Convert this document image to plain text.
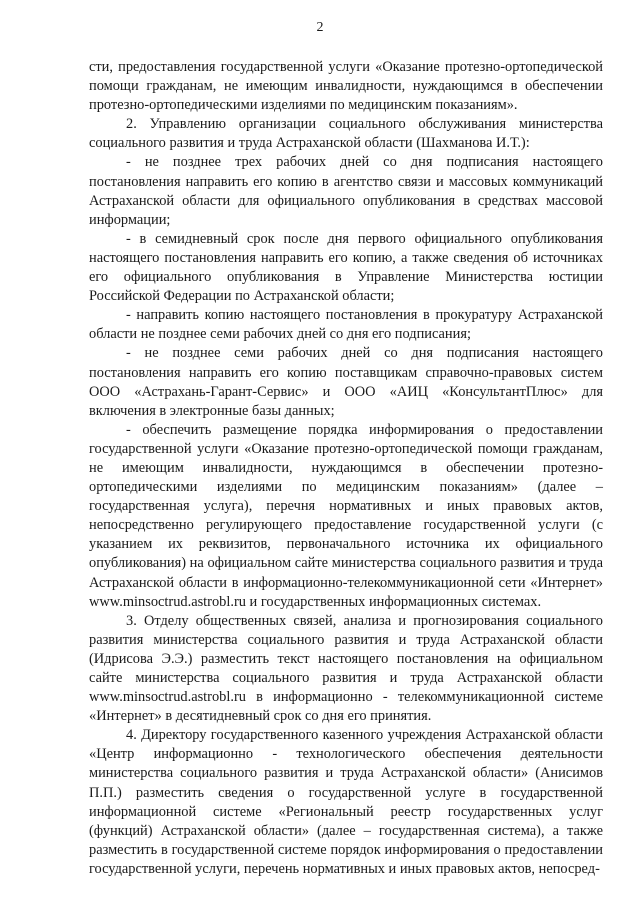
2

сти, предоставления государственной услуги «Оказание протезно-ортопедической помощи гражданам, не имеющим инвалидности, нуждающимся в обеспечении протезно-ортопедическими изделиями по медицинским показаниям».

2. Управлению организации социального обслуживания министерства социального развития и труда Астраханской области (Шахманова И.Т.):

- не позднее трех рабочих дней со дня подписания настоящего постановления направить его копию в агентство связи и массовых коммуникаций Астраханской области для официального опубликования в средствах массовой информации;

- в семидневный срок после дня первого официального опубликования настоящего постановления направить его копию, а также сведения об источниках его официального опубликования в Управление Министерства юстиции Российской Федерации по Астраханской области;

- направить копию настоящего постановления в прокуратуру Астраханской области не позднее семи рабочих дней со дня его подписания;

- не позднее семи рабочих дней со дня подписания настоящего постановления направить его копию поставщикам справочно-правовых систем ООО «Астрахань-Гарант-Сервис» и ООО «АИЦ «КонсультантПлюс» для включения в электронные базы данных;

- обеспечить размещение порядка информирования о предоставлении государственной услуги «Оказание протезно-ортопедической помощи гражданам, не имеющим инвалидности, нуждающимся в обеспечении протезно-ортопедическими изделиями по медицинским показаниям» (далее – государственная услуга), перечня нормативных и иных правовых актов, непосредственно регулирующего предоставление государственной услуги (с указанием их реквизитов, первоначального источника их официального опубликования) на официальном сайте министерства социального развития и труда Астраханской области в информационно-телекоммуникационной сети «Интернет» www.minsoctrud.astrobl.ru и государственных информационных системах.

3. Отделу общественных связей, анализа и прогнозирования социального развития министерства социального развития и труда Астраханской области (Идрисова Э.Э.) разместить текст настоящего постановления на официальном сайте министерства социального развития и труда Астраханской области www.minsoctrud.astrobl.ru в информационно - телекоммуникационной системе «Интернет» в десятидневный срок со дня его принятия.

4. Директору государственного казенного учреждения Астраханской области «Центр информационно - технологического обеспечения деятельности министерства социального развития и труда Астраханской области» (Анисимов П.П.) разместить сведения о государственной услуге в государственной информационной системе «Региональный реестр государственных услуг (функций) Астраханской области» (далее – государственная система), а также разместить в государственной системе порядок информирования о предоставлении государственной услуги, перечень нормативных и иных правовых актов, непосред-
